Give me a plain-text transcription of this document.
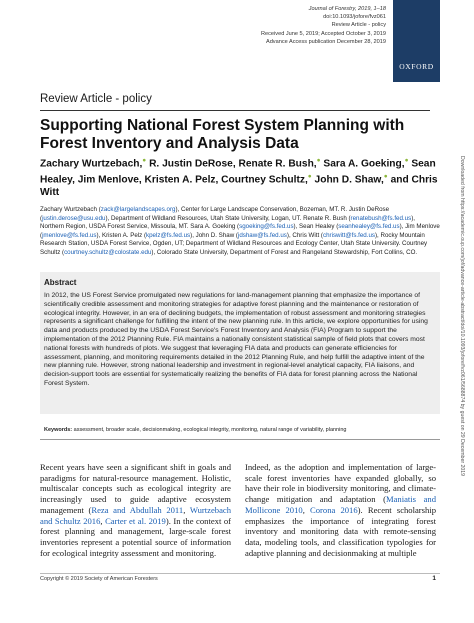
Journal of Forestry, 2019, 1–18
doi:10.1093/jofore/fvz061
Review Article - policy
Received June 5, 2019; Accepted October 3, 2019
Advance Access publication December 28, 2019
OXFORD
Downloaded from https://academic.oup.com/jof/advance-article-abstract/doi/10.1093/jofore/fvz061/5688874 by guest on 29 December 2019
Review Article - policy
Supporting National Forest System Planning with Forest Inventory and Analysis Data

Zachary Wurtzebach,● R. Justin DeRose, Renate R. Bush,● Sara A. Goeking,● Sean Healey, Jim Menlove, Kristen A. Pelz, Courtney Schultz,● John D. Shaw,● and Chris Witt

Zachary Wurtzebach (zack@largelandscapes.org), Center for Large Landscape Conservation, Bozeman, MT. R. Justin DeRose (justin.derose@usu.edu), Department of Wildland Resources, Utah State University, Logan, UT. Renate R. Bush (renatebush@fs.fed.us), Northern Region, USDA Forest Service, Missoula, MT. Sara A. Goeking (sgoeking@fs.fed.us), Sean Healey (seanhealey@fs.fed.us), Jim Menlove (jmenlove@fs.fed.us), Kristen A. Pelz (kpelz@fs.fed.us), John D. Shaw (jdshaw@fs.fed.us), Chris Witt (chriswitt@fs.fed.us), Rocky Mountain Research Station, USDA Forest Service, Ogden, UT; Department of Wildland Resources and Ecology Center, Utah State University. Courtney Schultz (courtney.schultz@colostate.edu), Colorado State University, Department of Forest and Rangeland Stewardship, Fort Collins, CO.

Abstract

In 2012, the US Forest Service promulgated new regulations for land-management planning that emphasize the importance of scientifically credible assessment and monitoring strategies for adaptive forest planning and the maintenance or restoration of ecological integrity. However, in an era of declining budgets, the implementation of robust assessment and monitoring strategies represents a significant challenge for fulfilling the intent of the new planning rule. In this article, we explore opportunities for using data and products produced by the USDA Forest Service's Forest Inventory and Analysis (FIA) Program to support the implementation of the 2012 Planning Rule. FIA maintains a nationally consistent statistical sample of field plots that covers most national forests with hundreds of plots. We suggest that leveraging FIA data and products can generate efficiencies for assessment, planning, and monitoring requirements detailed in the 2012 Planning Rule, and help fulfill the adaptive intent of the new planning rule. However, strong national leadership and investment in regional-level analytical capacity, FIA liaisons, and decision-support tools are essential for systematically realizing the benefits of FIA data for forest planning across the National Forest System.

Keywords: assessment, broader scale, decisionmaking, ecological integrity, monitoring, natural range of variability, planning

Recent years have seen a significant shift in goals and paradigms for natural-resource management. Holistic, multiscalar concepts such as ecological integrity are increasingly used to guide adaptive ecosystem management (Reza and Abdullah 2011, Wurtzebach and Schultz 2016, Carter et al. 2019). In the context of forest planning and management, large-scale forest inventories represent a potential source of information for ecological integrity assessment and monitoring.

Indeed, as the adoption and implementation of large-scale forest inventories have expanded globally, so have their role in biodiversity monitoring, and climate-change mitigation and adaptation (Maniatis and Mollicone 2010, Corona 2016). Recent scholarship emphasizes the importance of integrating forest inventory and monitoring data with remote-sensing data, modeling tools, and classification typologies for adaptive planning and decisionmaking at multiple

Copyright © 2019 Society of American Foresters	1
